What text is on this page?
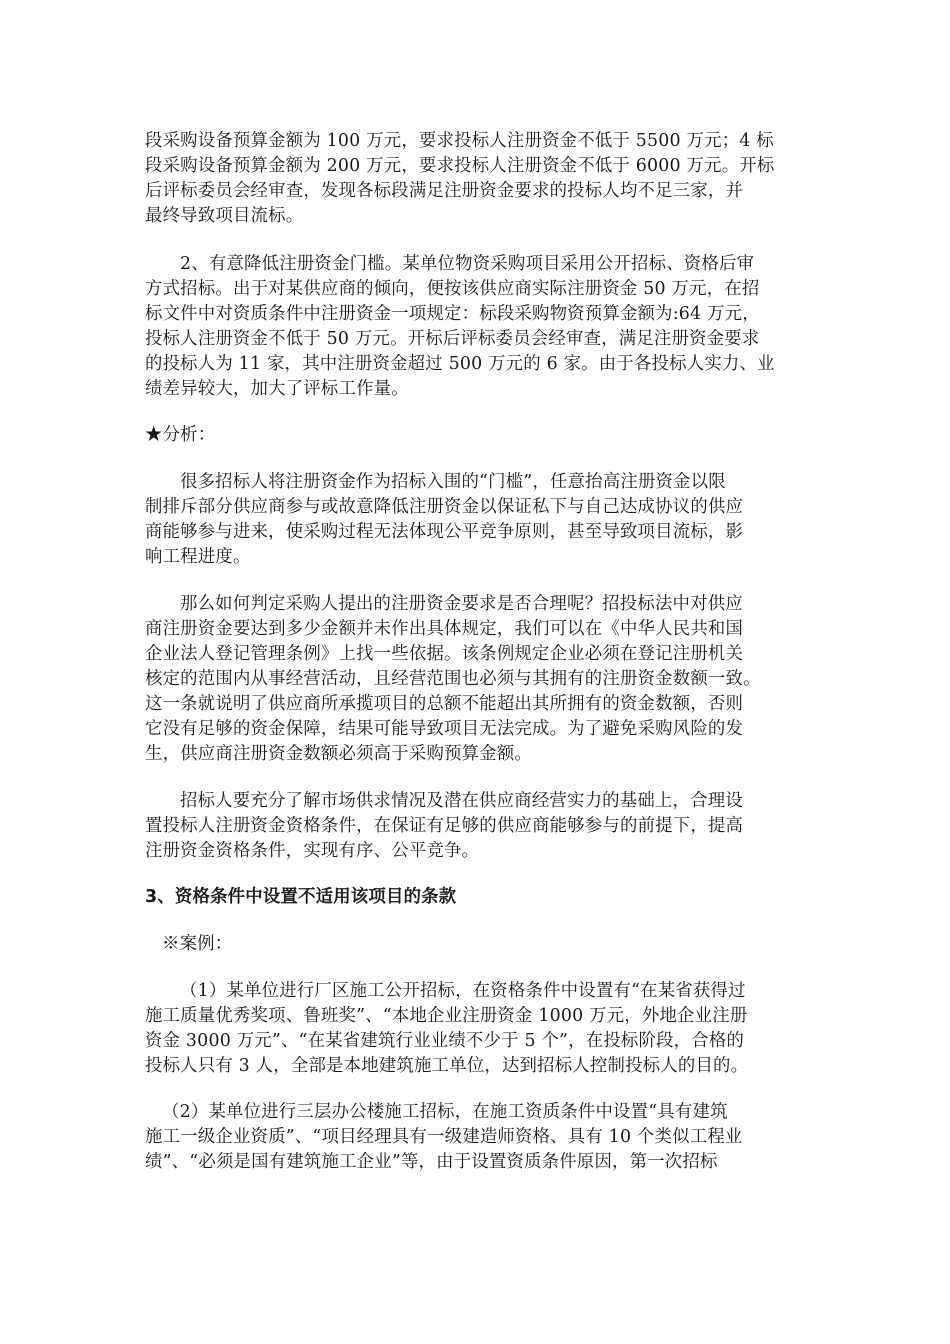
段采购设备预算金额为 100 万元，要求投标人注册资金不低于 5500 万元；4 标
段采购设备预算金额为 200 万元，要求投标人注册资金不低于 6000 万元。开标
后评标委员会经审查，发现各标段满足注册资金要求的投标人均不足三家，并
最终导致项目流标。
2、有意降低注册资金门槛。某单位物资采购项目采用公开招标、资格后审
方式招标。出于对某供应商的倾向，便按该供应商实际注册资金 50 万元，在招
标文件中对资质条件中注册资金一项规定：标段采购物资预算金额为:64 万元，
投标人注册资金不低于 50 万元。开标后评标委员会经审查，满足注册资金要求
的投标人为 11 家，其中注册资金超过 500 万元的 6 家。由于各投标人实力、业
绩差异较大，加大了评标工作量。
★分析：
很多招标人将注册资金作为招标入围的“门槛”，任意抬高注册资金以限
制排斥部分供应商参与或故意降低注册资金以保证私下与自己达成协议的供应
商能够参与进来，使采购过程无法体现公平竞争原则，甚至导致项目流标，影
响工程进度。
那么如何判定采购人提出的注册资金要求是否合理呢？招投标法中对供应
商注册资金要达到多少金额并未作出具体规定，我们可以在《中华人民共和国
企业法人登记管理条例》上找一些依据。该条例规定企业必须在登记注册机关
核定的范围内从事经营活动，且经营范围也必须与其拥有的注册资金数额一致。
这一条就说明了供应商所承揽项目的总额不能超出其所拥有的资金数额，否则
它没有足够的资金保障，结果可能导致项目无法完成。为了避免采购风险的发
生，供应商注册资金数额必须高于采购预算金额。
招标人要充分了解市场供求情况及潜在供应商经营实力的基础上，合理设
置投标人注册资金资格条件，在保证有足够的供应商能够参与的前提下，提高
注册资金资格条件，实现有序、公平竞争。
3、资格条件中设置不适用该项目的条款
※案例：
（1）某单位进行厂区施工公开招标，在资格条件中设置有“在某省获得过
施工质量优秀奖项、鲁班奖”、“本地企业注册资金 1000 万元，外地企业注册
资金 3000 万元”、“在某省建筑行业业绩不少于 5 个”，在投标阶段，合格的
投标人只有 3 人，全部是本地建筑施工单位，达到招标人控制投标人的目的。
（2）某单位进行三层办公楼施工招标，在施工资质条件中设置“具有建筑
施工一级企业资质”、“项目经理具有一级建造师资格、具有 10 个类似工程业
绩”、“必须是国有建筑施工企业”等，由于设置资质条件原因，第一次招标
